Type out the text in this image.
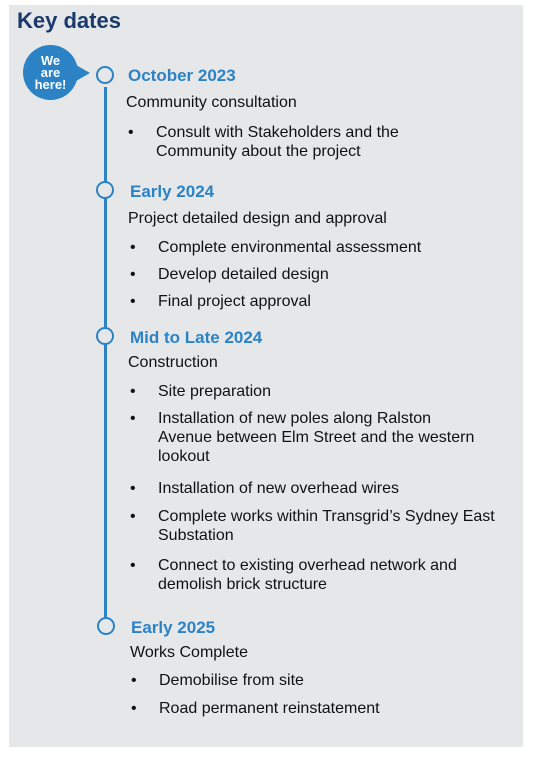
Key dates
We
are
here!	October 2023
Community consultation
• Consult with Stakeholders and the Community about the project
Early 2024
Project detailed design and approval
• Complete environmental assessment
• Develop detailed design
• Final project approval
Mid to Late 2024
Construction
• Site preparation
• Installation of new poles along Ralston Avenue between Elm Street and the western lookout
• Installation of new overhead wires
• Complete works within Transgrid’s Sydney East Substation
• Connect to existing overhead network and demolish brick structure
Early 2025
Works Complete
• Demobilise from site
• Road permanent reinstatement
